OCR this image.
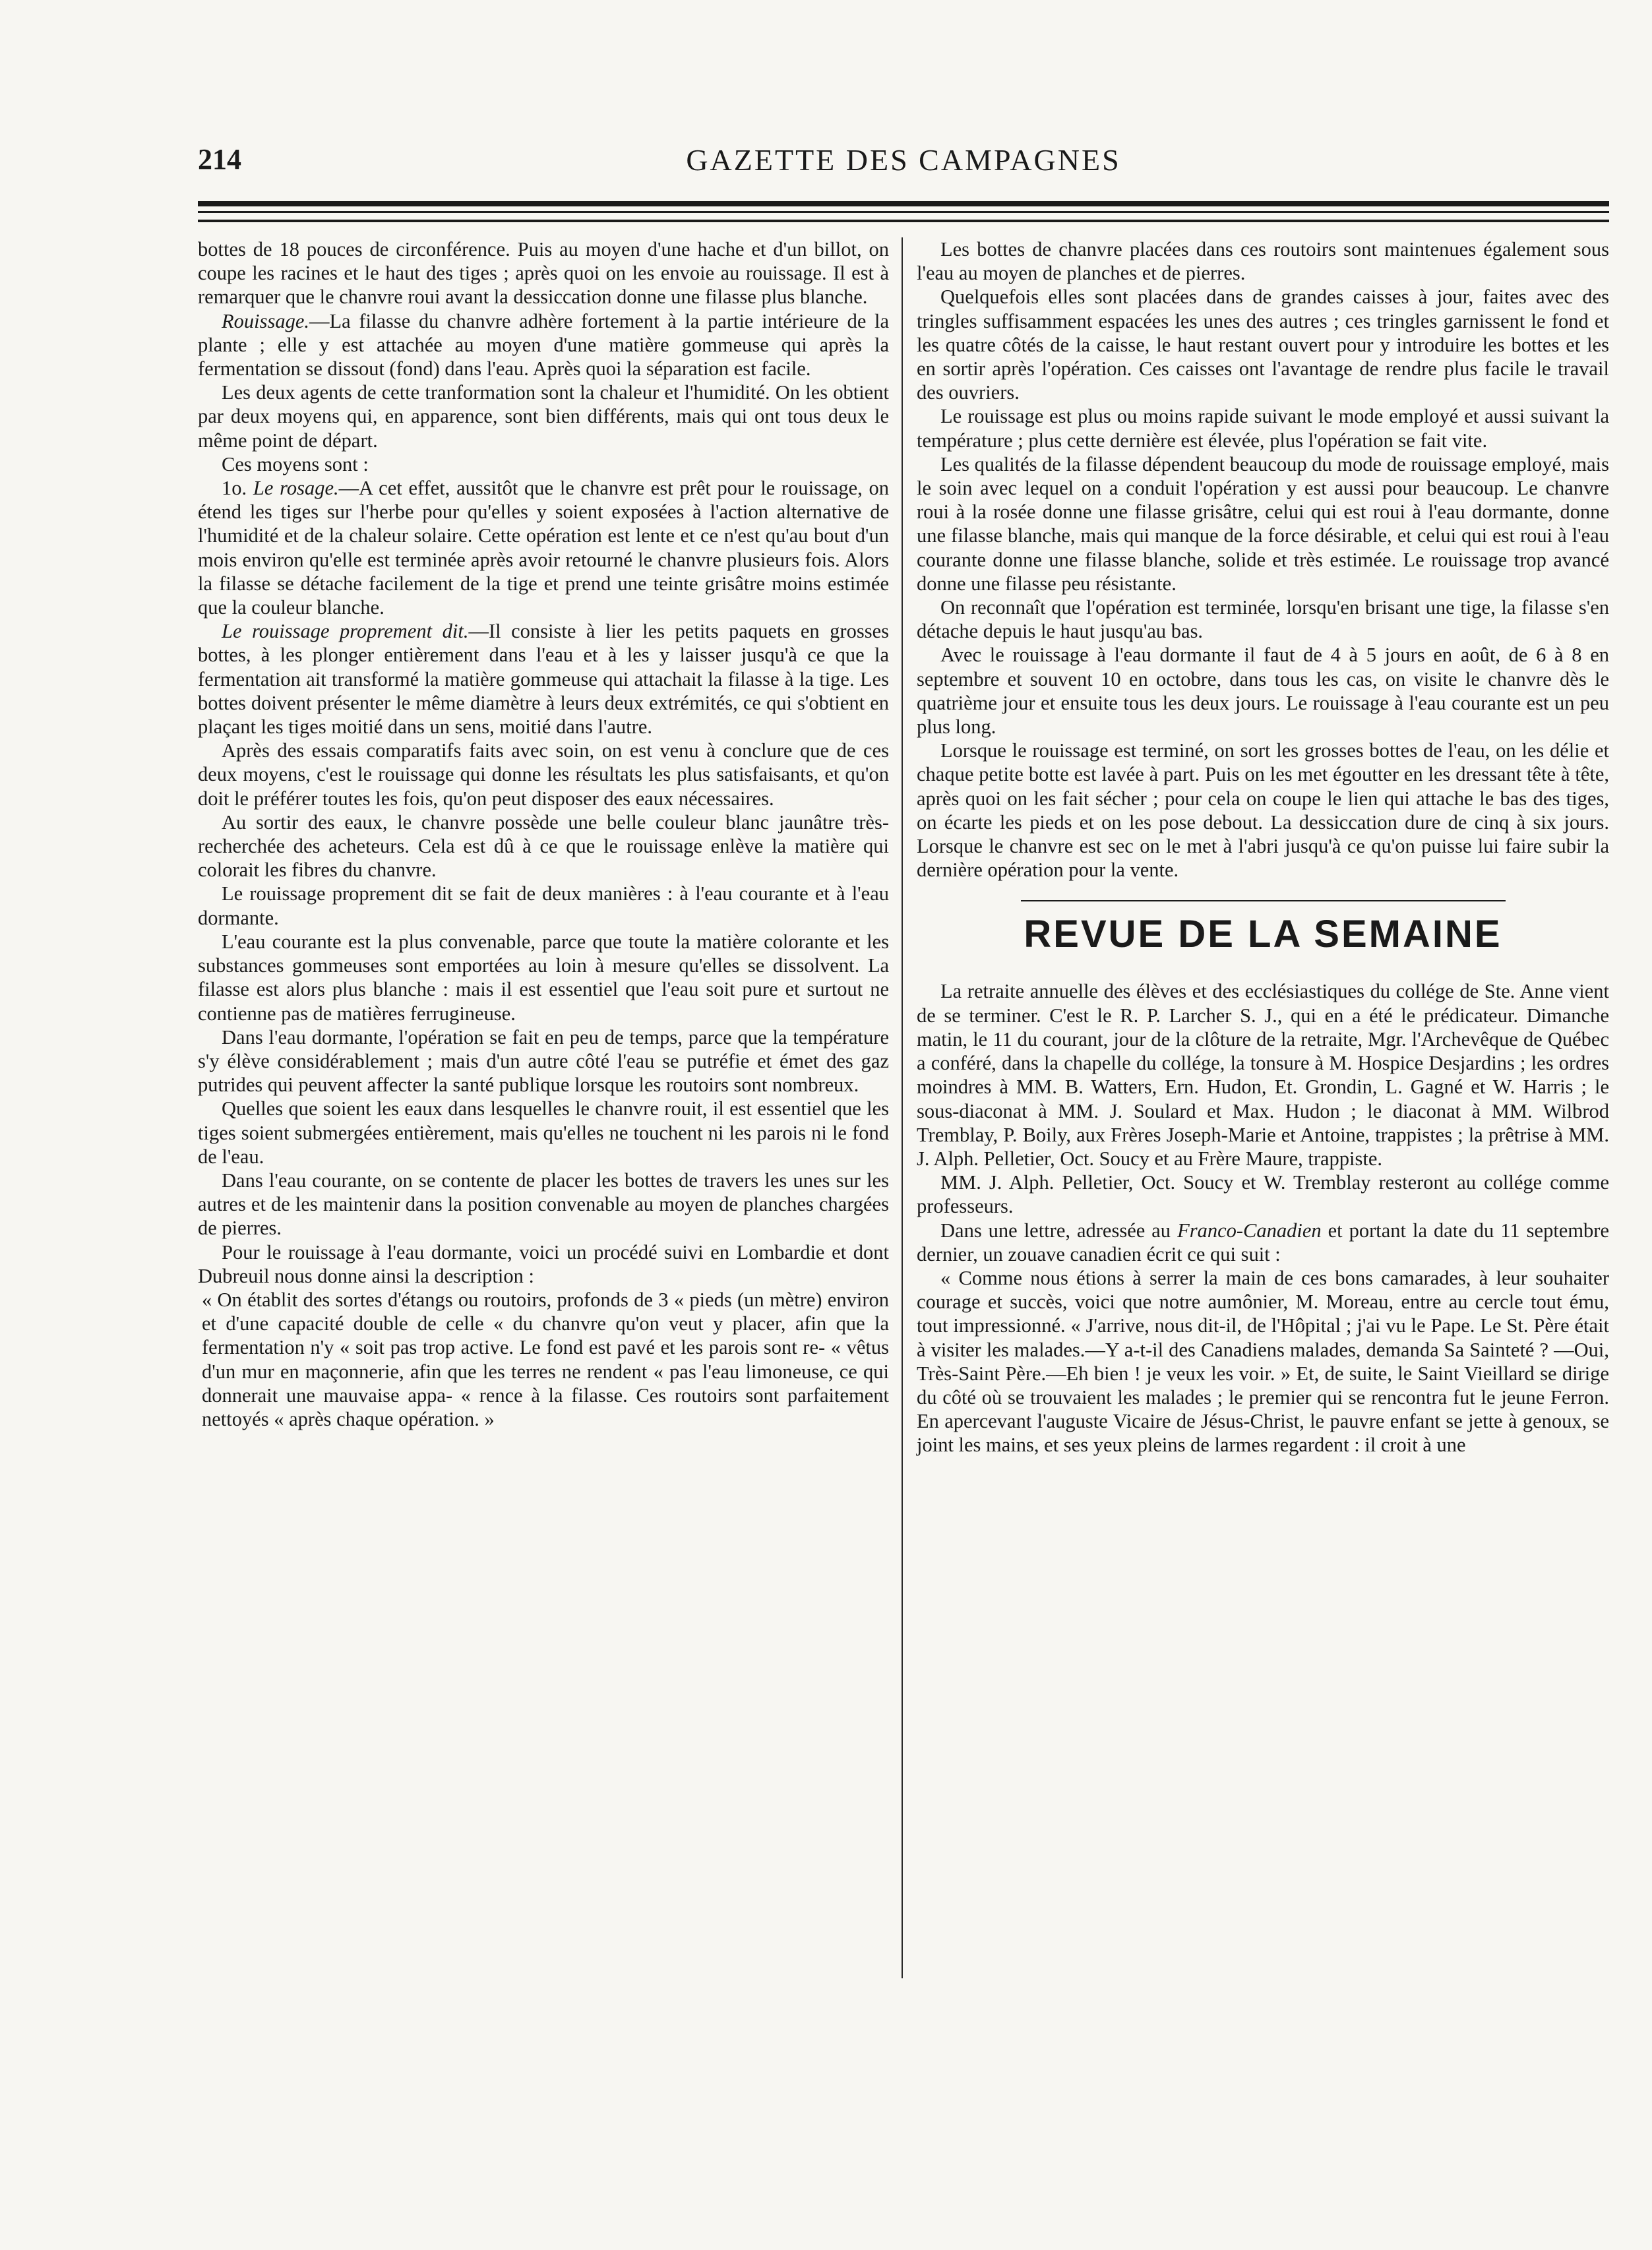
214	GAZETTE DES CAMPAGNES

bottes de 18 pouces de circonférence. Puis au moyen d'une hache et d'un billot, on coupe les racines et le haut des tiges ; après quoi on les envoie au rouissage. Il est à remarquer que le chanvre roui avant la dessiccation donne une filasse plus blanche.

Rouissage.—La filasse du chanvre adhère fortement à la partie intérieure de la plante ; elle y est attachée au moyen d'une matière gommeuse qui après la fermentation se dissout (fond) dans l'eau. Après quoi la séparation est facile.

Les deux agents de cette tranformation sont la chaleur et l'humidité. On les obtient par deux moyens qui, en apparence, sont bien différents, mais qui ont tous deux le même point de départ.

Ces moyens sont :

1o. Le rosage.—A cet effet, aussitôt que le chanvre est prêt pour le rouissage, on étend les tiges sur l'herbe pour qu'elles y soient exposées à l'action alternative de l'humidité et de la chaleur solaire. Cette opération est lente et ce n'est qu'au bout d'un mois environ qu'elle est terminée après avoir retourné le chanvre plusieurs fois. Alors la filasse se détache facilement de la tige et prend une teinte grisâtre moins estimée que la couleur blanche.

Le rouissage proprement dit.—Il consiste à lier les petits paquets en grosses bottes, à les plonger entièrement dans l'eau et à les y laisser jusqu'à ce que la fermentation ait transformé la matière gommeuse qui attachait la filasse à la tige. Les bottes doivent présenter le même diamètre à leurs deux extrémités, ce qui s'obtient en plaçant les tiges moitié dans un sens, moitié dans l'autre.

Après des essais comparatifs faits avec soin, on est venu à conclure que de ces deux moyens, c'est le rouissage qui donne les résultats les plus satisfaisants, et qu'on doit le préférer toutes les fois, qu'on peut disposer des eaux nécessaires.

Au sortir des eaux, le chanvre possède une belle couleur blanc jaunâtre très-recherchée des acheteurs. Cela est dû à ce que le rouissage enlève la matière qui colorait les fibres du chanvre.

Le rouissage proprement dit se fait de deux manières : à l'eau courante et à l'eau dormante.

L'eau courante est la plus convenable, parce que toute la matière colorante et les substances gommeuses sont emportées au loin à mesure qu'elles se dissolvent. La filasse est alors plus blanche : mais il est essentiel que l'eau soit pure et surtout ne contienne pas de matières ferrugineuse.

Dans l'eau dormante, l'opération se fait en peu de temps, parce que la température s'y élève considérablement ; mais d'un autre côté l'eau se putréfie et émet des gaz putrides qui peuvent affecter la santé publique lorsque les routoirs sont nombreux.

Quelles que soient les eaux dans lesquelles le chanvre rouit, il est essentiel que les tiges soient submergées entièrement, mais qu'elles ne touchent ni les parois ni le fond de l'eau.

Dans l'eau courante, on se contente de placer les bottes de travers les unes sur les autres et de les maintenir dans la position convenable au moyen de planches chargées de pierres.

Pour le rouissage à l'eau dormante, voici un procédé suivi en Lombardie et dont Dubreuil nous donne ainsi la description :

« On établit des sortes d'étangs ou routoirs, profonds de 3 « pieds (un mètre) environ et d'une capacité double de celle « du chanvre qu'on veut y placer, afin que la fermentation n'y « soit pas trop active. Le fond est pavé et les parois sont re- « vêtus d'un mur en maçonnerie, afin que les terres ne rendent « pas l'eau limoneuse, ce qui donnerait une mauvaise appa- « rence à la filasse. Ces routoirs sont parfaitement nettoyés « après chaque opération. »

Les bottes de chanvre placées dans ces routoirs sont maintenues également sous l'eau au moyen de planches et de pierres.

Quelquefois elles sont placées dans de grandes caisses à jour, faites avec des tringles suffisamment espacées les unes des autres ; ces tringles garnissent le fond et les quatre côtés de la caisse, le haut restant ouvert pour y introduire les bottes et les en sortir après l'opération. Ces caisses ont l'avantage de rendre plus facile le travail des ouvriers.

Le rouissage est plus ou moins rapide suivant le mode employé et aussi suivant la température ; plus cette dernière est élevée, plus l'opération se fait vite.

Les qualités de la filasse dépendent beaucoup du mode de rouissage employé, mais le soin avec lequel on a conduit l'opération y est aussi pour beaucoup. Le chanvre roui à la rosée donne une filasse grisâtre, celui qui est roui à l'eau dormante, donne une filasse blanche, mais qui manque de la force désirable, et celui qui est roui à l'eau courante donne une filasse blanche, solide et très estimée. Le rouissage trop avancé donne une filasse peu résistante.

On reconnaît que l'opération est terminée, lorsqu'en brisant une tige, la filasse s'en détache depuis le haut jusqu'au bas.

Avec le rouissage à l'eau dormante il faut de 4 à 5 jours en août, de 6 à 8 en septembre et souvent 10 en octobre, dans tous les cas, on visite le chanvre dès le quatrième jour et ensuite tous les deux jours. Le rouissage à l'eau courante est un peu plus long.

Lorsque le rouissage est terminé, on sort les grosses bottes de l'eau, on les délie et chaque petite botte est lavée à part. Puis on les met égoutter en les dressant tête à tête, après quoi on les fait sécher ; pour cela on coupe le lien qui attache le bas des tiges, on écarte les pieds et on les pose debout. La dessiccation dure de cinq à six jours. Lorsque le chanvre est sec on le met à l'abri jusqu'à ce qu'on puisse lui faire subir la dernière opération pour la vente.

REVUE DE LA SEMAINE

La retraite annuelle des élèves et des ecclésiastiques du collége de Ste. Anne vient de se terminer. C'est le R. P. Larcher S. J., qui en a été le prédicateur. Dimanche matin, le 11 du courant, jour de la clôture de la retraite, Mgr. l'Archevêque de Québec a conféré, dans la chapelle du collége, la tonsure à M. Hospice Desjardins ; les ordres moindres à MM. B. Watters, Ern. Hudon, Et. Grondin, L. Gagné et W. Harris ; le sous-diaconat à MM. J. Soulard et Max. Hudon ; le diaconat à MM. Wilbrod Tremblay, P. Boily, aux Frères Joseph-Marie et Antoine, trappistes ; la prêtrise à MM. J. Alph. Pelletier, Oct. Soucy et au Frère Maure, trappiste.

MM. J. Alph. Pelletier, Oct. Soucy et W. Tremblay resteront au collége comme professeurs.

Dans une lettre, adressée au Franco-Canadien et portant la date du 11 septembre dernier, un zouave canadien écrit ce qui suit :

« Comme nous étions à serrer la main de ces bons camarades, à leur souhaiter courage et succès, voici que notre aumônier, M. Moreau, entre au cercle tout ému, tout impressionné. « J'arrive, nous dit-il, de l'Hôpital ; j'ai vu le Pape. Le St. Père était à visiter les malades.—Y a-t-il des Canadiens malades, demanda Sa Sainteté ? —Oui, Très-Saint Père.—Eh bien ! je veux les voir. » Et, de suite, le Saint Vieillard se dirige du côté où se trouvaient les malades ; le premier qui se rencontra fut le jeune Ferron. En apercevant l'auguste Vicaire de Jésus-Christ, le pauvre enfant se jette à genoux, se joint les mains, et ses yeux pleins de larmes regardent : il croit à une
